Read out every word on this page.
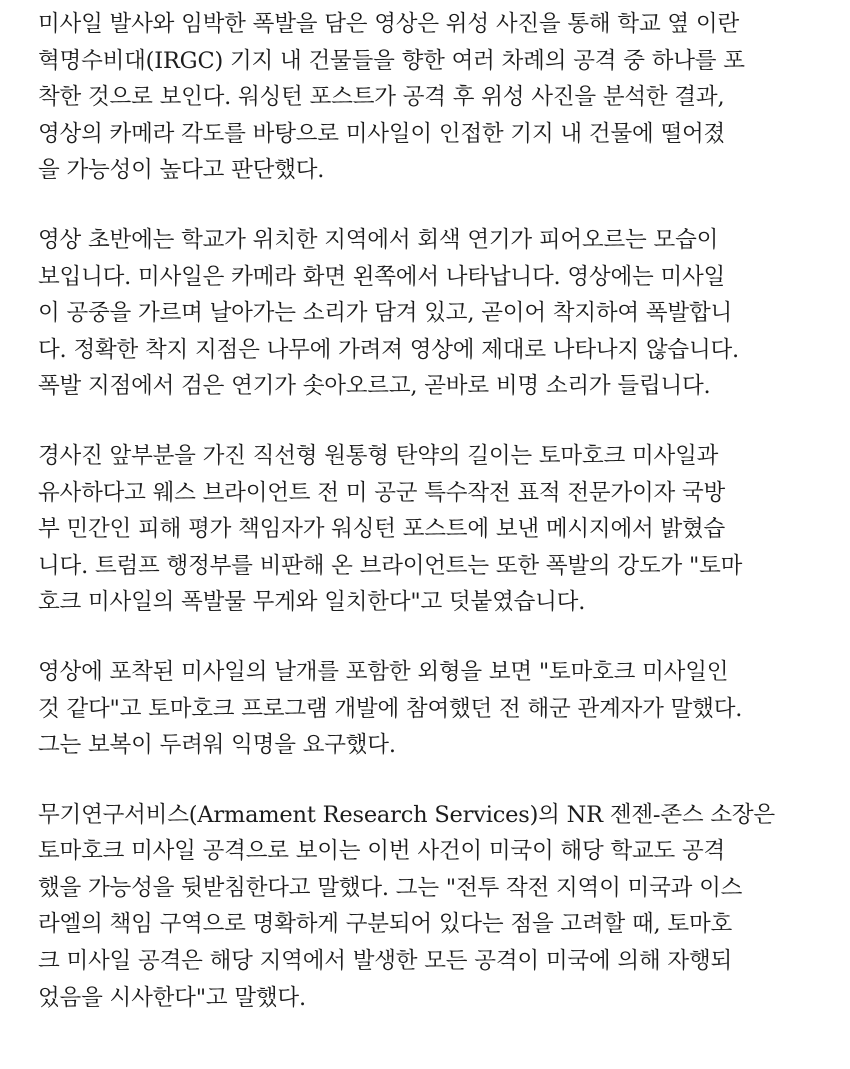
미사일 발사와 임박한 폭발을 담은 영상은 위성 사진을 통해 학교 옆 이란
혁명수비대(IRGC) 기지 내 건물들을 향한 여러 차례의 공격 중 하나를 포
착한 것으로 보인다. 워싱턴 포스트가 공격 후 위성 사진을 분석한 결과,
영상의 카메라 각도를 바탕으로 미사일이 인접한 기지 내 건물에 떨어졌
을 가능성이 높다고 판단했다.
영상 초반에는 학교가 위치한 지역에서 회색 연기가 피어오르는 모습이
보입니다. 미사일은 카메라 화면 왼쪽에서 나타납니다. 영상에는 미사일
이 공중을 가르며 날아가는 소리가 담겨 있고, 곧이어 착지하여 폭발합니
다. 정확한 착지 지점은 나무에 가려져 영상에 제대로 나타나지 않습니다.
폭발 지점에서 검은 연기가 솟아오르고, 곧바로 비명 소리가 들립니다.
경사진 앞부분을 가진 직선형 원통형 탄약의 길이는 토마호크 미사일과
유사하다고 웨스 브라이언트 전 미 공군 특수작전 표적 전문가이자 국방
부 민간인 피해 평가 책임자가 워싱턴 포스트에 보낸 메시지에서 밝혔습
니다. 트럼프 행정부를 비판해 온 브라이언트는 또한 폭발의 강도가 "토마
호크 미사일의 폭발물 무게와 일치한다"고 덧붙였습니다.
영상에 포착된 미사일의 날개를 포함한 외형을 보면 "토마호크 미사일인
것 같다"고 토마호크 프로그램 개발에 참여했던 전 해군 관계자가 말했다.
그는 보복이 두려워 익명을 요구했다.
무기연구서비스(Armament Research Services)의 NR 젠젠-존스 소장은
토마호크 미사일 공격으로 보이는 이번 사건이 미국이 해당 학교도 공격
했을 가능성을 뒷받침한다고 말했다. 그는 "전투 작전 지역이 미국과 이스
라엘의 책임 구역으로 명확하게 구분되어 있다는 점을 고려할 때, 토마호
크 미사일 공격은 해당 지역에서 발생한 모든 공격이 미국에 의해 자행되
었음을 시사한다"고 말했다.
